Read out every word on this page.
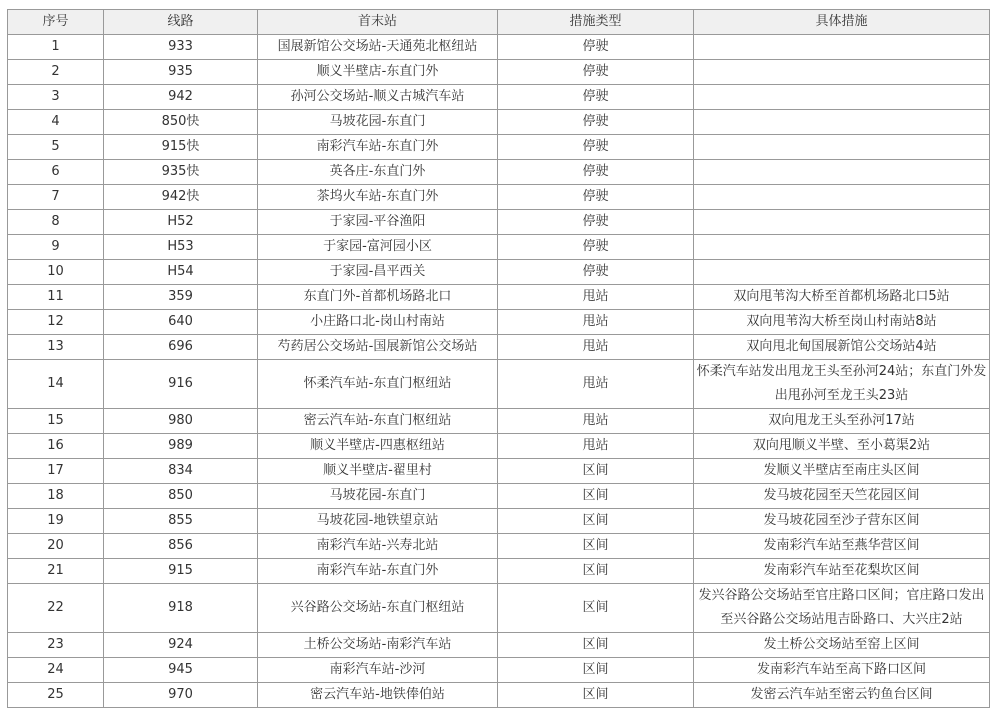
序号	线路	首末站	措施类型	具体措施
1	933	国展新馆公交场站-天通苑北枢纽站	停驶	
2	935	顺义半壁店-东直门外	停驶	
3	942	孙河公交场站-顺义古城汽车站	停驶	
4	850快	马坡花园-东直门	停驶	
5	915快	南彩汽车站-东直门外	停驶	
6	935快	英各庄-东直门外	停驶	
7	942快	茶坞火车站-东直门外	停驶	
8	H52	于家园-平谷渔阳	停驶	
9	H53	于家园-富河园小区	停驶	
10	H54	于家园-昌平西关	停驶	
11	359	东直门外-首都机场路北口	甩站	双向甩苇沟大桥至首都机场路北口5站
12	640	小庄路口北-岗山村南站	甩站	双向甩苇沟大桥至岗山村南站8站
13	696	芍药居公交场站-国展新馆公交场站	甩站	双向甩北甸国展新馆公交场站4站
14	916	怀柔汽车站-东直门枢纽站	甩站	怀柔汽车站发出甩龙王头至孙河24站；东直门外发出甩孙河至龙王头23站
15	980	密云汽车站-东直门枢纽站	甩站	双向甩龙王头至孙河17站
16	989	顺义半壁店-四惠枢纽站	甩站	双向甩顺义半壁、至小葛渠2站
17	834	顺义半壁店-翟里村	区间	发顺义半壁店至南庄头区间
18	850	马坡花园-东直门	区间	发马坡花园至天竺花园区间
19	855	马坡花园-地铁望京站	区间	发马坡花园至沙子营东区间
20	856	南彩汽车站-兴寿北站	区间	发南彩汽车站至燕华营区间
21	915	南彩汽车站-东直门外	区间	发南彩汽车站至花梨坎区间
22	918	兴谷路公交场站-东直门枢纽站	区间	发兴谷路公交场站至官庄路口区间；官庄路口发出至兴谷路公交场站甩吉卧路口、大兴庄2站
23	924	土桥公交场站-南彩汽车站	区间	发土桥公交场站至窑上区间
24	945	南彩汽车站-沙河	区间	发南彩汽车站至高下路口区间
25	970	密云汽车站-地铁俸伯站	区间	发密云汽车站至密云钓鱼台区间
